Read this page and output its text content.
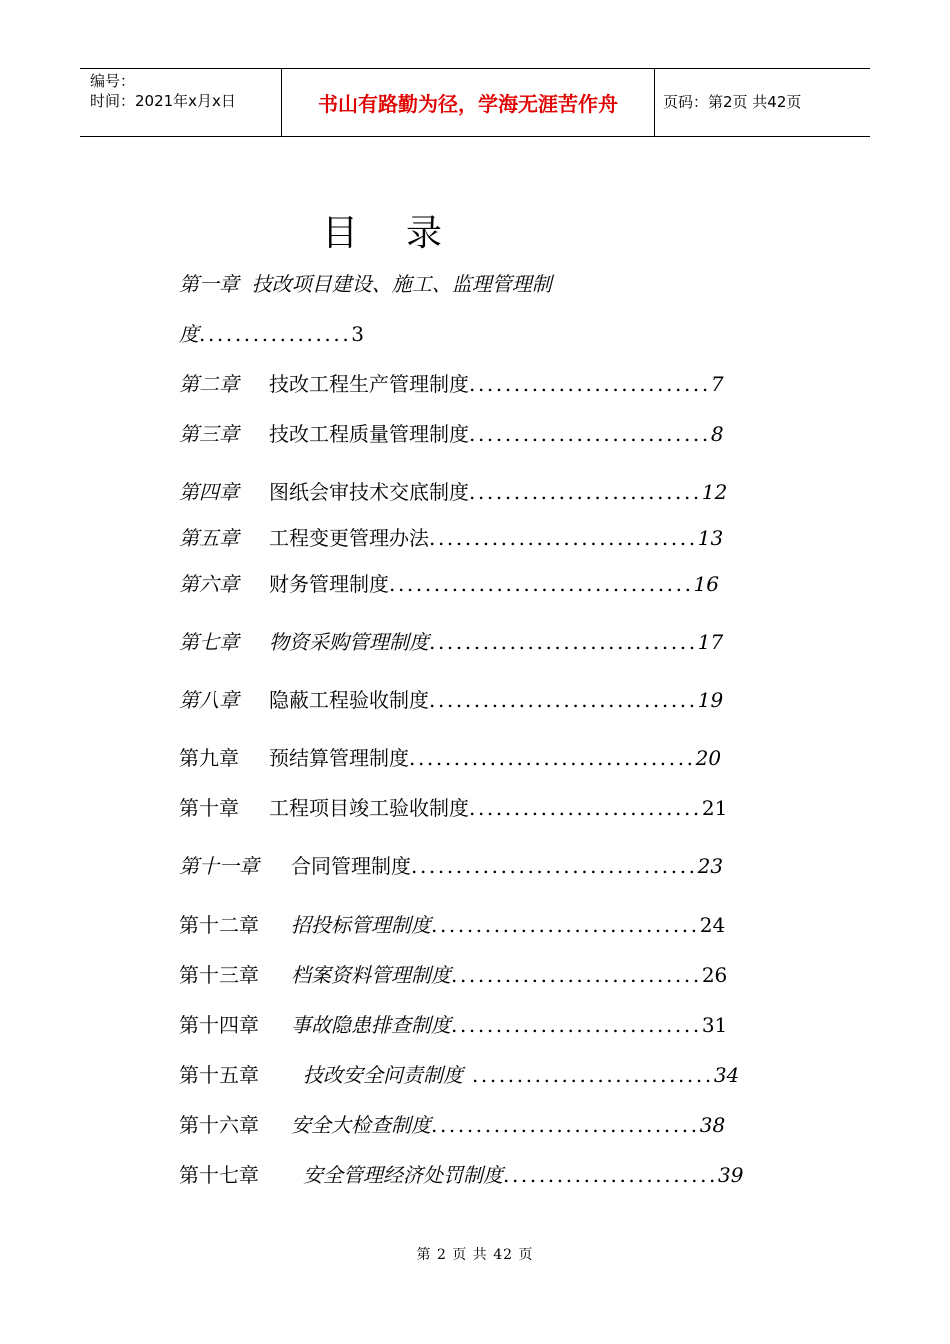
编号：
时间：2021年x月x日	书山有路勤为径，学海无涯苦作舟	页码：第2页 共42页
目录
第一章 技改项目建设、施工、监理管理制
度.................3
第二章 技改工程生产管理制度...........................7
第三章 技改工程质量管理制度...........................8
第四章 图纸会审技术交底制度..........................12
第五章 工程变更管理办法..............................13
第六章 财务管理制度..................................16
第七章 物资采购管理制度..............................17
第八章 隐蔽工程验收制度..............................19
第九章 预结算管理制度................................20
第十章 工程项目竣工验收制度..........................21
第十一章 合同管理制度................................23
第十二章 招投标管理制度..............................24
第十三章 档案资料管理制度............................26
第十四章 事故隐患排查制度............................31
第十五章 技改安全问责制度 ...........................34
第十六章 安全大检查制度..............................38
第十七章 安全管理经济处罚制度........................39
第 2 页 共 42 页
